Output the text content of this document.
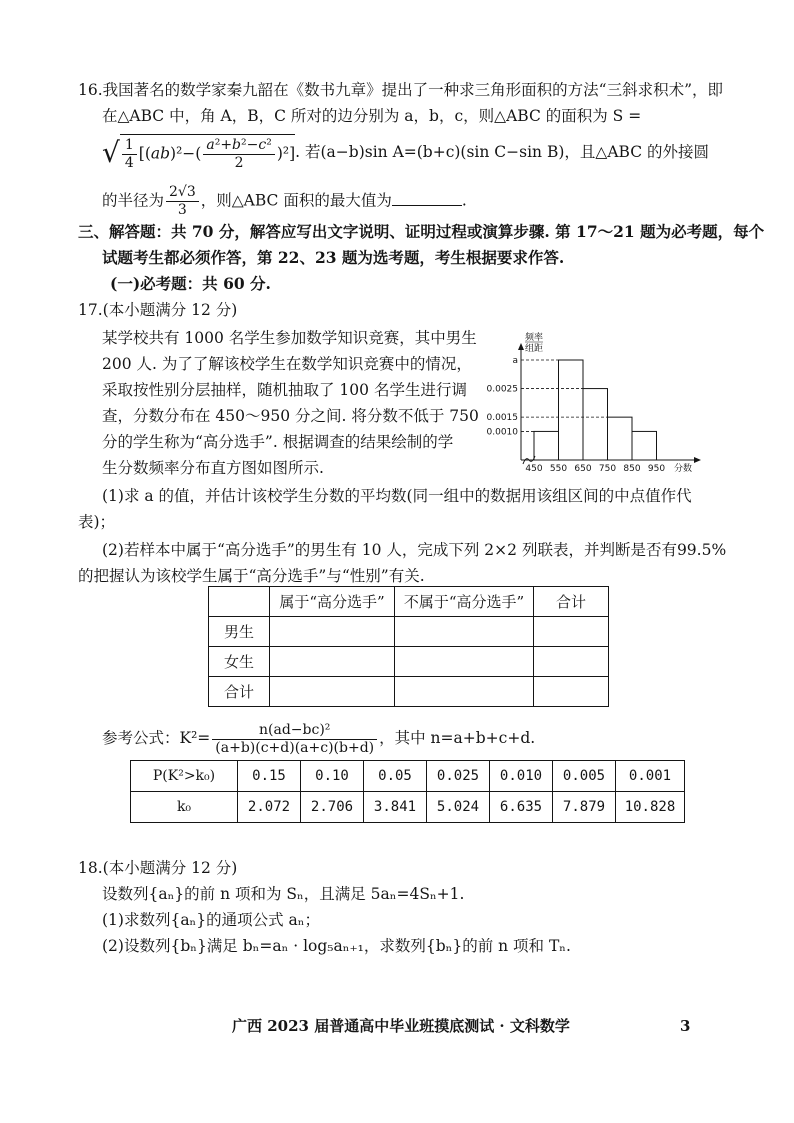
16.我国著名的数学家秦九韶在《数书九章》提出了一种求三角形面积的方法“三斜求积术”，即
在△ABC 中，角 A，B，C 所对的边分别为 a，b，c，则△ABC 的面积为 S =
√ $\frac{1}{4} [(ab)^2-( \frac{\text{a²+b²−c²}}{2} )^2]$. 若(a−b)sin A=(b+c)(sin C−sin B)，且△ABC 的外接圆
的半径为 $\frac{2√3}{3}$ ，则△ABC 面积的最大值为	.
三、解答题：共 70 分，解答应写出文字说明、证明过程或演算步骤. 第 17～21 题为必考题，每个
试题考生都必须作答，第 22、23 题为选考题，考生根据要求作答.
(一)必考题：共 60 分.
17.(本小题满分 12 分)
某学校共有 1000 名学生参加数学知识竞赛，其中男生
200 人. 为了了解该校学生在数学知识竞赛中的情况，
采取按性别分层抽样，随机抽取了 100 名学生进行调
查，分数分布在 450～950 分之间. 将分数不低于 750
分的学生称为“高分选手”. 根据调查的结果绘制的学
生分数频率分布直方图如图所示.
a
0.0025
0.0015
0.0010
450 550 650 750 850 950
频率
组距
分数
(1)求 a 的值，并估计该校学生分数的平均数(同一组中的数据用该组区间的中点值作代
表)；
(2)若样本中属于“高分选手”的男生有 10 人，完成下列 2×2 列联表，并判断是否有99.5%
的把握认为该校学生属于“高分选手”与“性别”有关.
	属于“高分选手”	不属于“高分选手”	合计
男生			
女生			
合计			
参考公式：$K^2= \frac{\text{n(ad−bc)²}}{(a+b)(c+d)(a+c)(b+d)}$ ，其中 n=a+b+c+d.
P(K²>k₀)	0.15	0.10	0.05	0.025	0.010	0.005	0.001
k₀	2.072	2.706	3.841	5.024	6.635	7.879	10.828
18.(本小题满分 12 分)
设数列{aₙ}的前 n 项和为 Sₙ，且满足 5aₙ=4Sₙ+1.
(1)求数列{aₙ}的通项公式 aₙ；
(2)设数列{bₙ}满足 bₙ=aₙ · log₅aₙ₊₁，求数列{bₙ}的前 n 项和 Tₙ.
广西 2023 届普通高中毕业班摸底测试 · 文科数学	3
